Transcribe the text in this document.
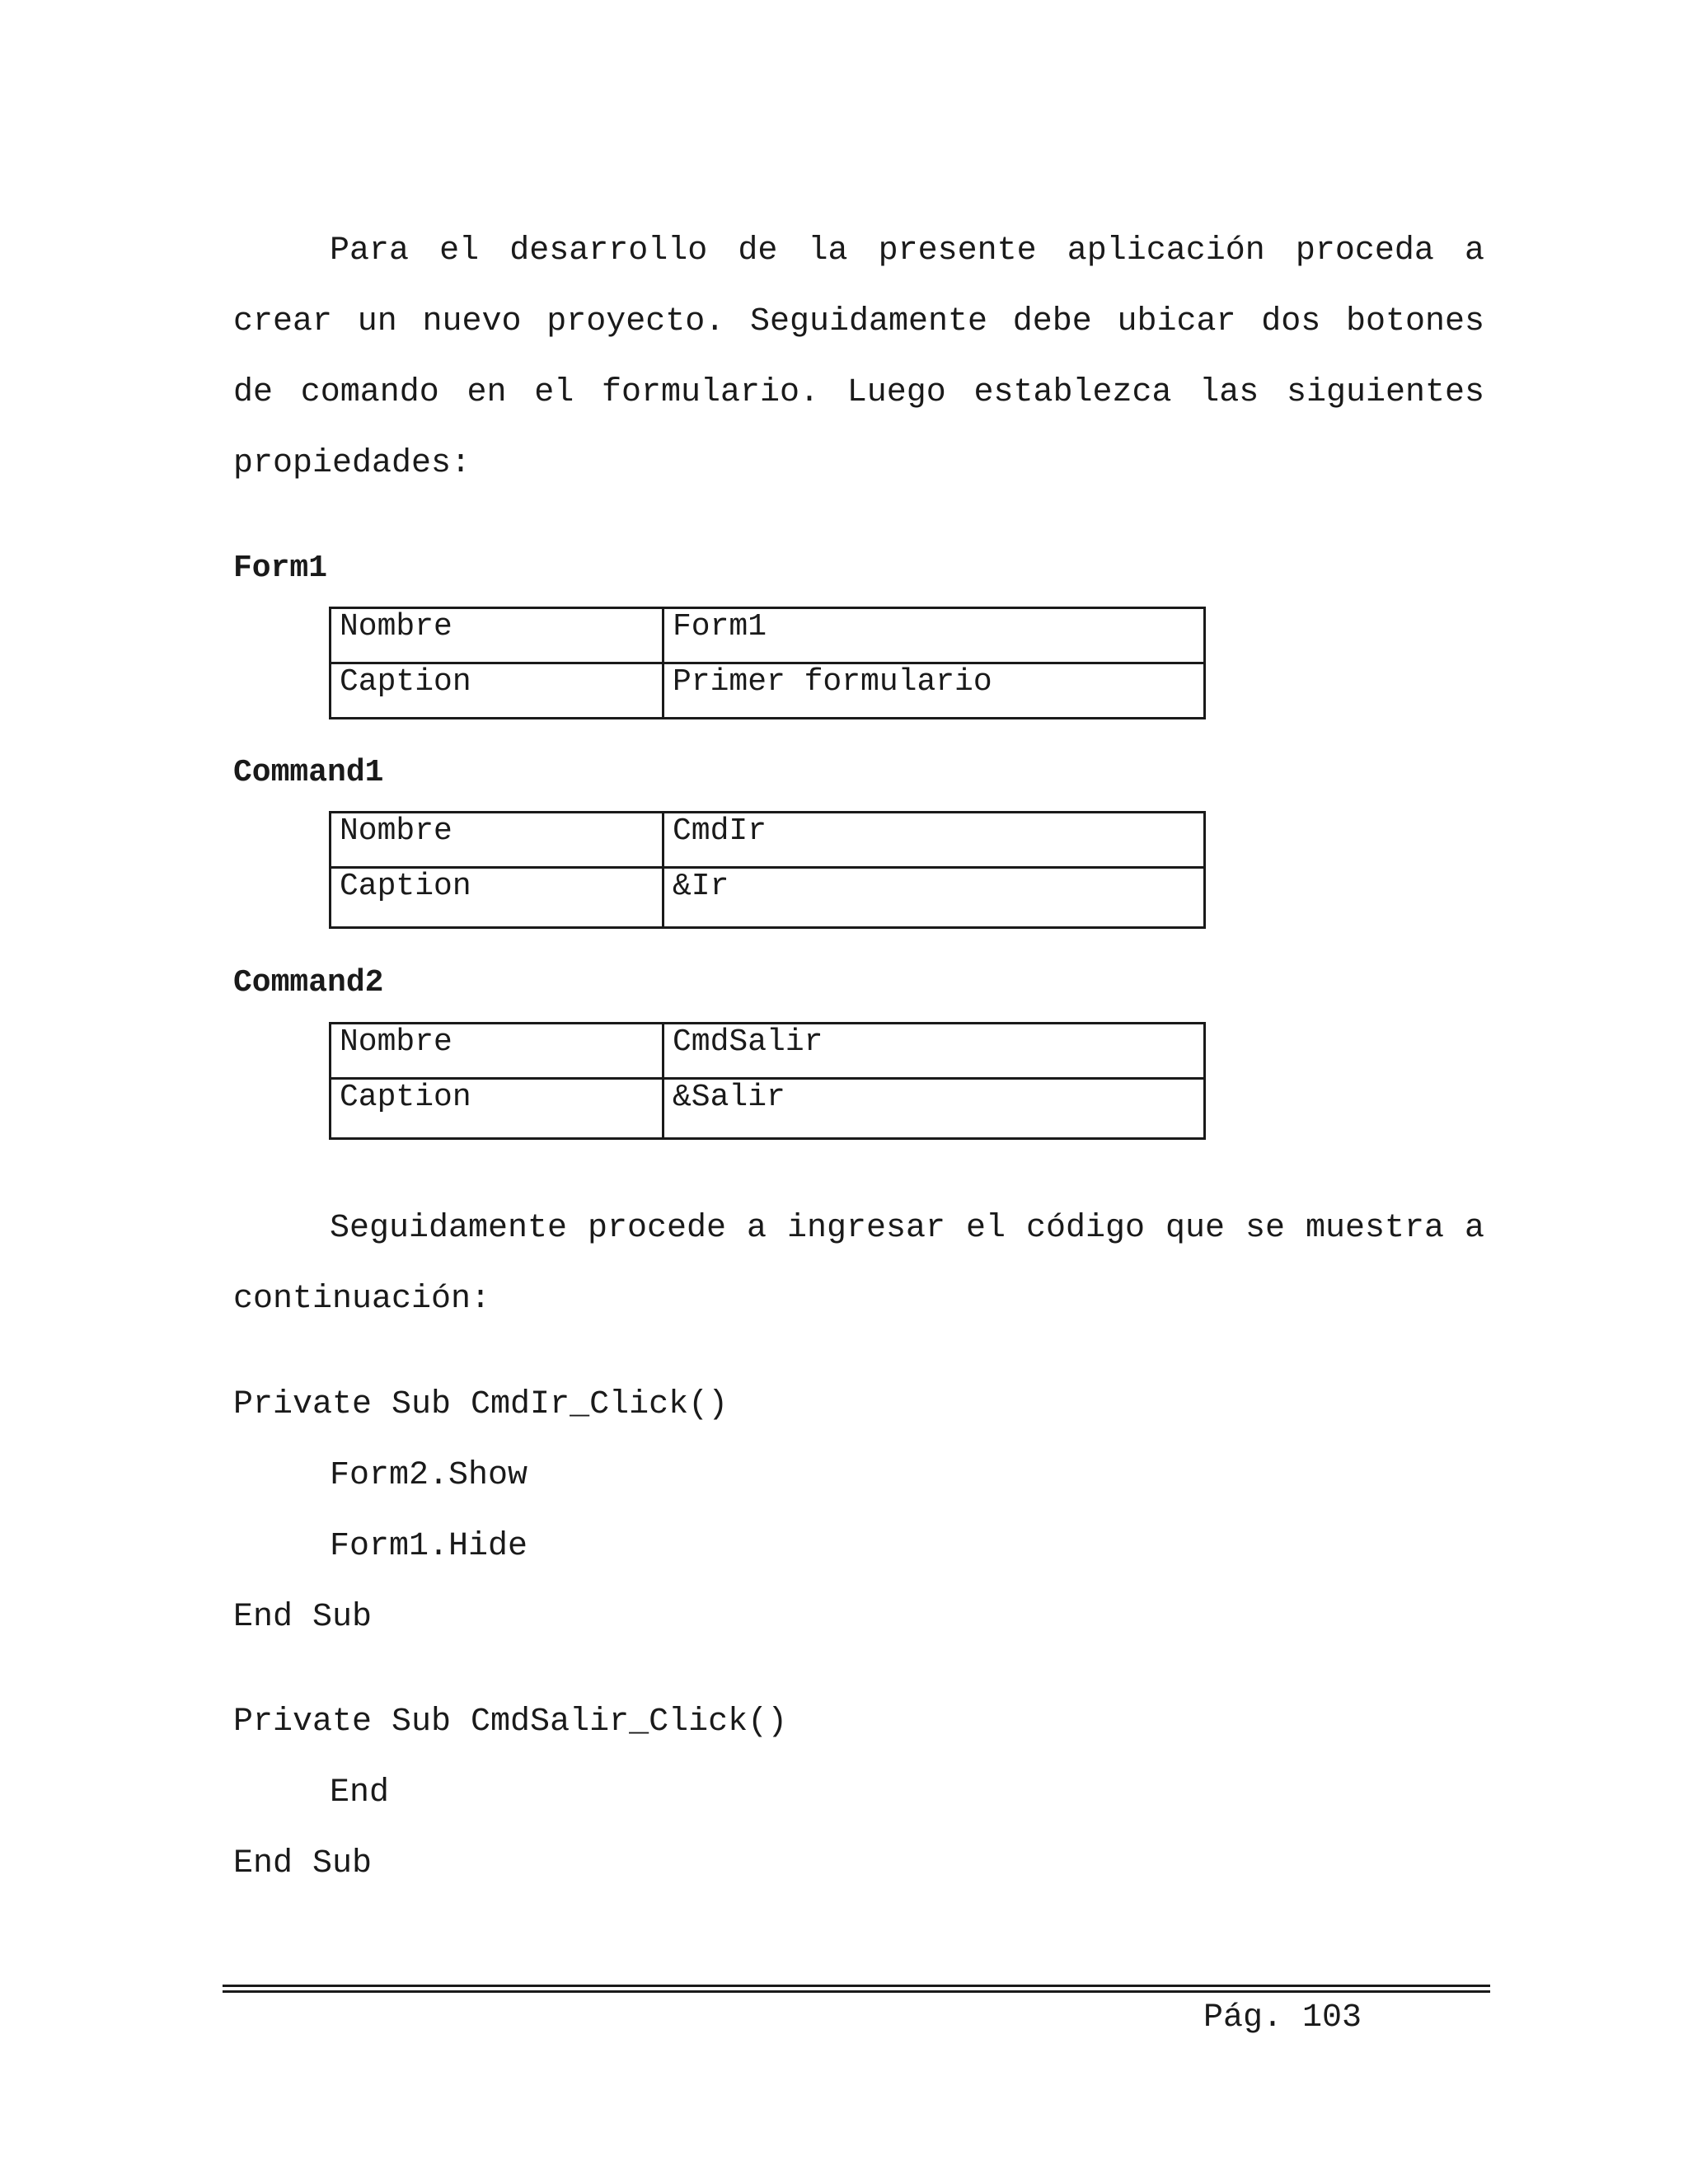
Para el desarrollo de la presente aplicación proceda a crear un nuevo proyecto. Seguidamente debe ubicar dos botones de comando en el formulario. Luego establezca las siguientes propiedades:

Form1
Nombre	Form1
Caption	Primer formulario
Command1
Nombre	CmdIr
Caption	&Ir
Command2
Nombre	CmdSalir
Caption	&Salir

Seguidamente procede a ingresar el código que se muestra a continuación:

Private Sub CmdIr_Click()
Form2.Show
Form1.Hide
End Sub
Private Sub CmdSalir_Click()
End
End Sub

Pág. 103
